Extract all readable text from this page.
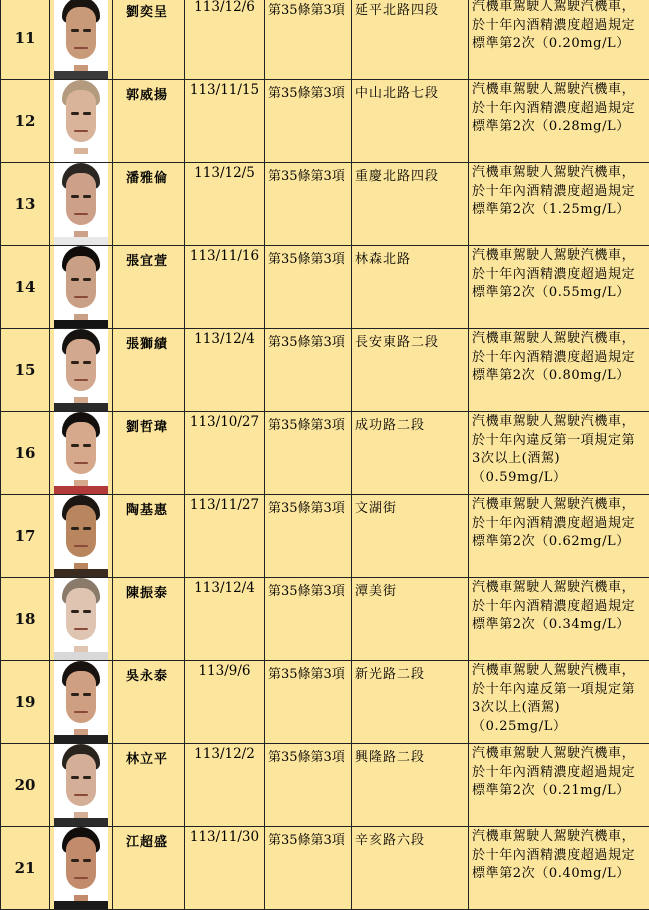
11		劉奕呈	113/12/6	第35條第3項	延平北路四段	汽機車駕駛人駕駛汽機車，
於十年內酒精濃度超過規定
標準第2次（0.20mg/L）

12		郭威揚	113/11/15	第35條第3項	中山北路七段	汽機車駕駛人駕駛汽機車，
於十年內酒精濃度超過規定
標準第2次（0.28mg/L）

13		潘雅倫	113/12/5	第35條第3項	重慶北路四段	汽機車駕駛人駕駛汽機車，
於十年內酒精濃度超過規定
標準第2次（1.25mg/L）

14		張宜萱	113/11/16	第35條第3項	林森北路	汽機車駕駛人駕駛汽機車，
於十年內酒精濃度超過規定
標準第2次（0.55mg/L）

15		張獅績	113/12/4	第35條第3項	長安東路二段	汽機車駕駛人駕駛汽機車，
於十年內酒精濃度超過規定
標準第2次（0.80mg/L）

16		劉哲瑋	113/10/27	第35條第3項	成功路二段	汽機車駕駛人駕駛汽機車，
於十年內違反第一項規定第
3次以上(酒駕)
（0.59mg/L）

17		陶基惠	113/11/27	第35條第3項	文湖街	汽機車駕駛人駕駛汽機車，
於十年內酒精濃度超過規定
標準第2次（0.62mg/L）

18		陳振泰	113/12/4	第35條第3項	潭美街	汽機車駕駛人駕駛汽機車，
於十年內酒精濃度超過規定
標準第2次（0.34mg/L）

19		吳永泰	113/9/6	第35條第3項	新光路二段	汽機車駕駛人駕駛汽機車，
於十年內違反第一項規定第
3次以上(酒駕)
（0.25mg/L）

20		林立平	113/12/2	第35條第3項	興隆路二段	汽機車駕駛人駕駛汽機車，
於十年內酒精濃度超過規定
標準第2次（0.21mg/L）

21		江超盛	113/11/30	第35條第3項	辛亥路六段	汽機車駕駛人駕駛汽機車，
於十年內酒精濃度超過規定
標準第2次（0.40mg/L）
